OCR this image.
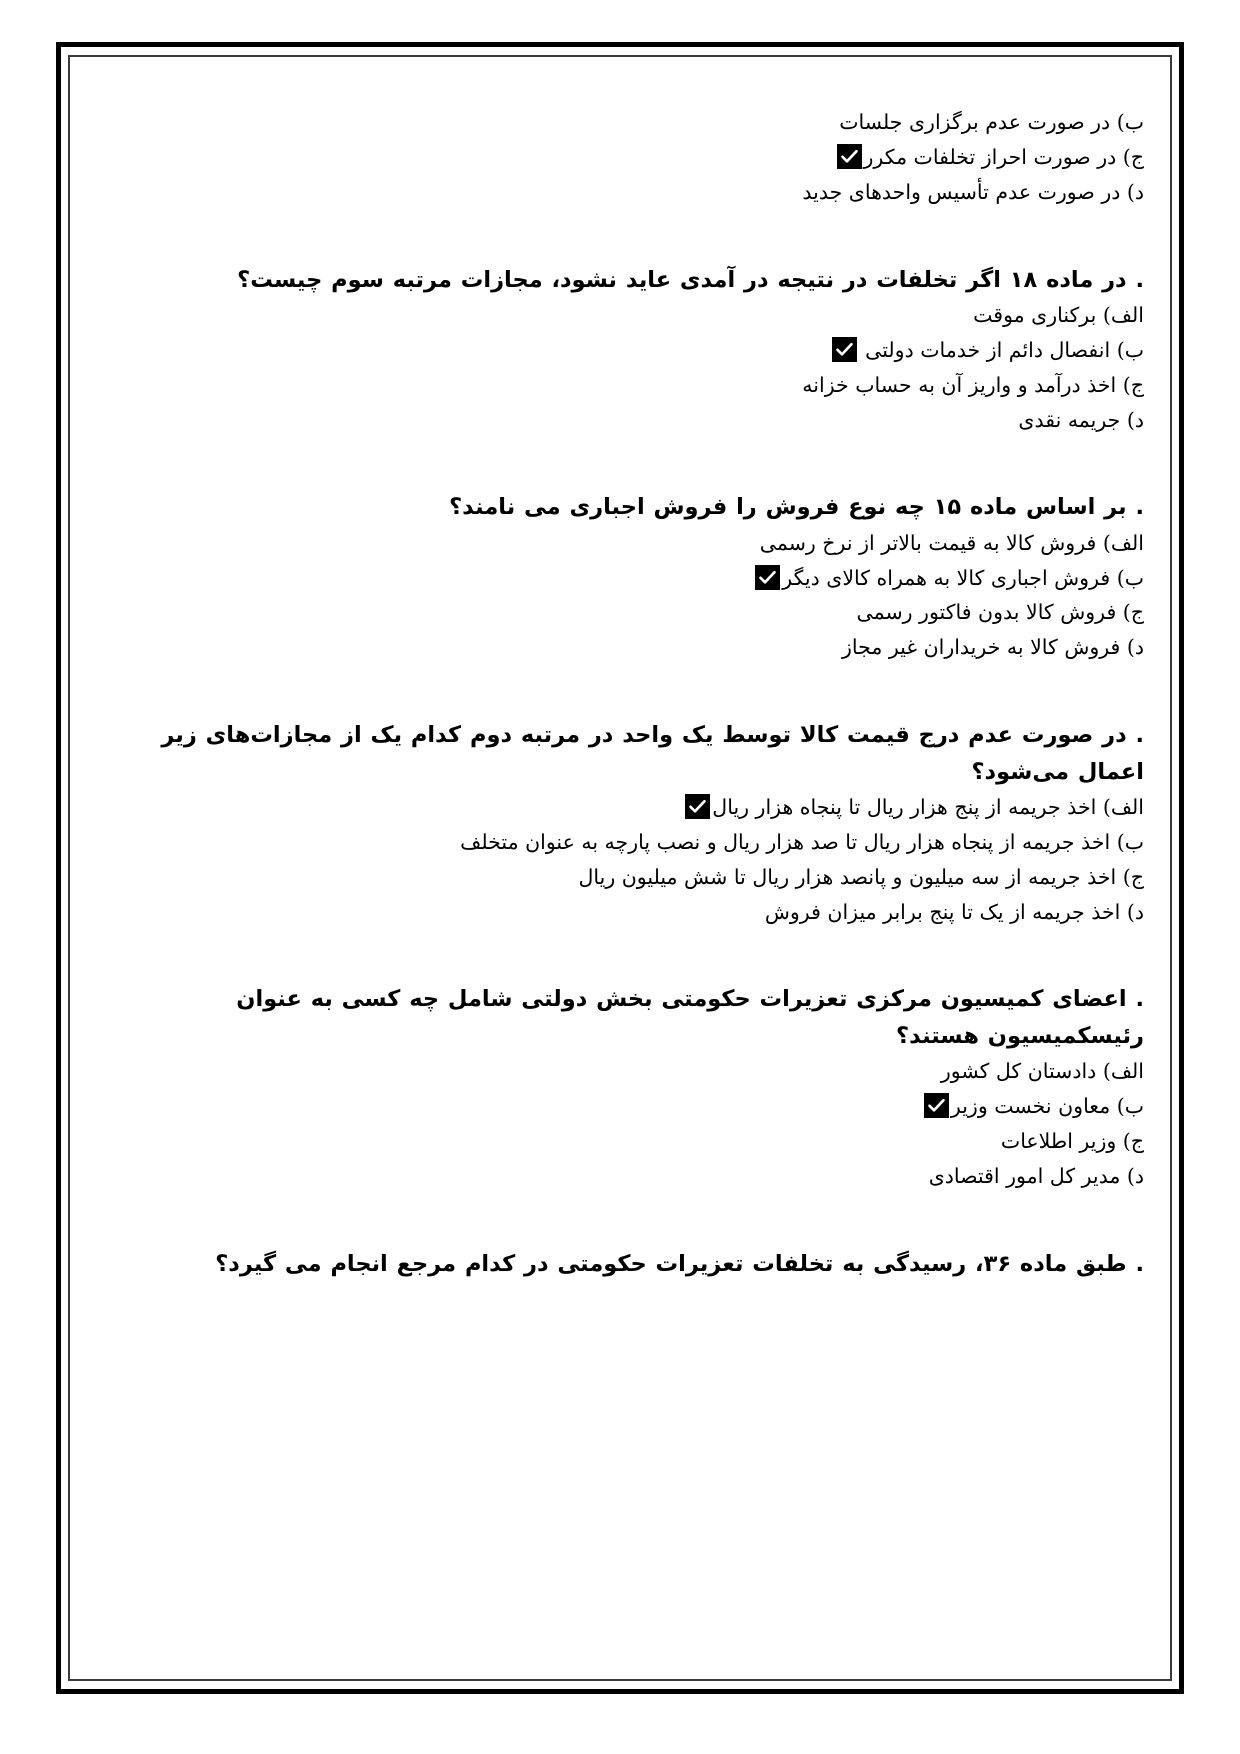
ب) در صورت عدم برگزاری جلسات
ج) در صورت احراز تخلفات مکرر
د) در صورت عدم تأسیس واحدهای جدید
. در ماده ۱۸ اگر تخلفات در نتیجه در آمدی عاید نشود، مجازات مرتبه سوم چیست؟
الف) برکناری موقت
ب) انفصال دائم از خدمات دولتی
ج) اخذ درآمد و واریز آن به حساب خزانه
د) جریمه نقدی
. بر اساس ماده ۱۵ چه نوع فروش را فروش اجباری می نامند؟
الف) فروش کالا به قیمت بالاتر از نرخ رسمی
ب) فروش اجباری کالا به همراه کالای دیگر
ج) فروش کالا بدون فاکتور رسمی
د) فروش کالا به خریداران غیر مجاز
. در صورت عدم درج قیمت کالا توسط یک واحد در مرتبه دوم کدام یک از مجازات‌های زیر اعمال می‌شود؟
الف) اخذ جریمه از پنج هزار ریال تا پنجاه هزار ریال
ب) اخذ جریمه از پنجاه هزار ریال تا صد هزار ریال و نصب پارچه به عنوان متخلف
ج) اخذ جریمه از سه میلیون و پانصد هزار ریال تا شش میلیون ریال
د) اخذ جریمه از یک تا پنج برابر میزان فروش
. اعضای کمیسیون مرکزی تعزیرات حکومتی بخش دولتی شامل چه کسی به عنوان رئیسکمیسیون هستند؟
الف) دادستان کل کشور
ب) معاون نخست وزیر
ج) وزیر اطلاعات
د) مدیر کل امور اقتصادی
. طبق ماده ۳۶، رسیدگی به تخلفات تعزیرات حکومتی در کدام مرجع انجام می گیرد؟
